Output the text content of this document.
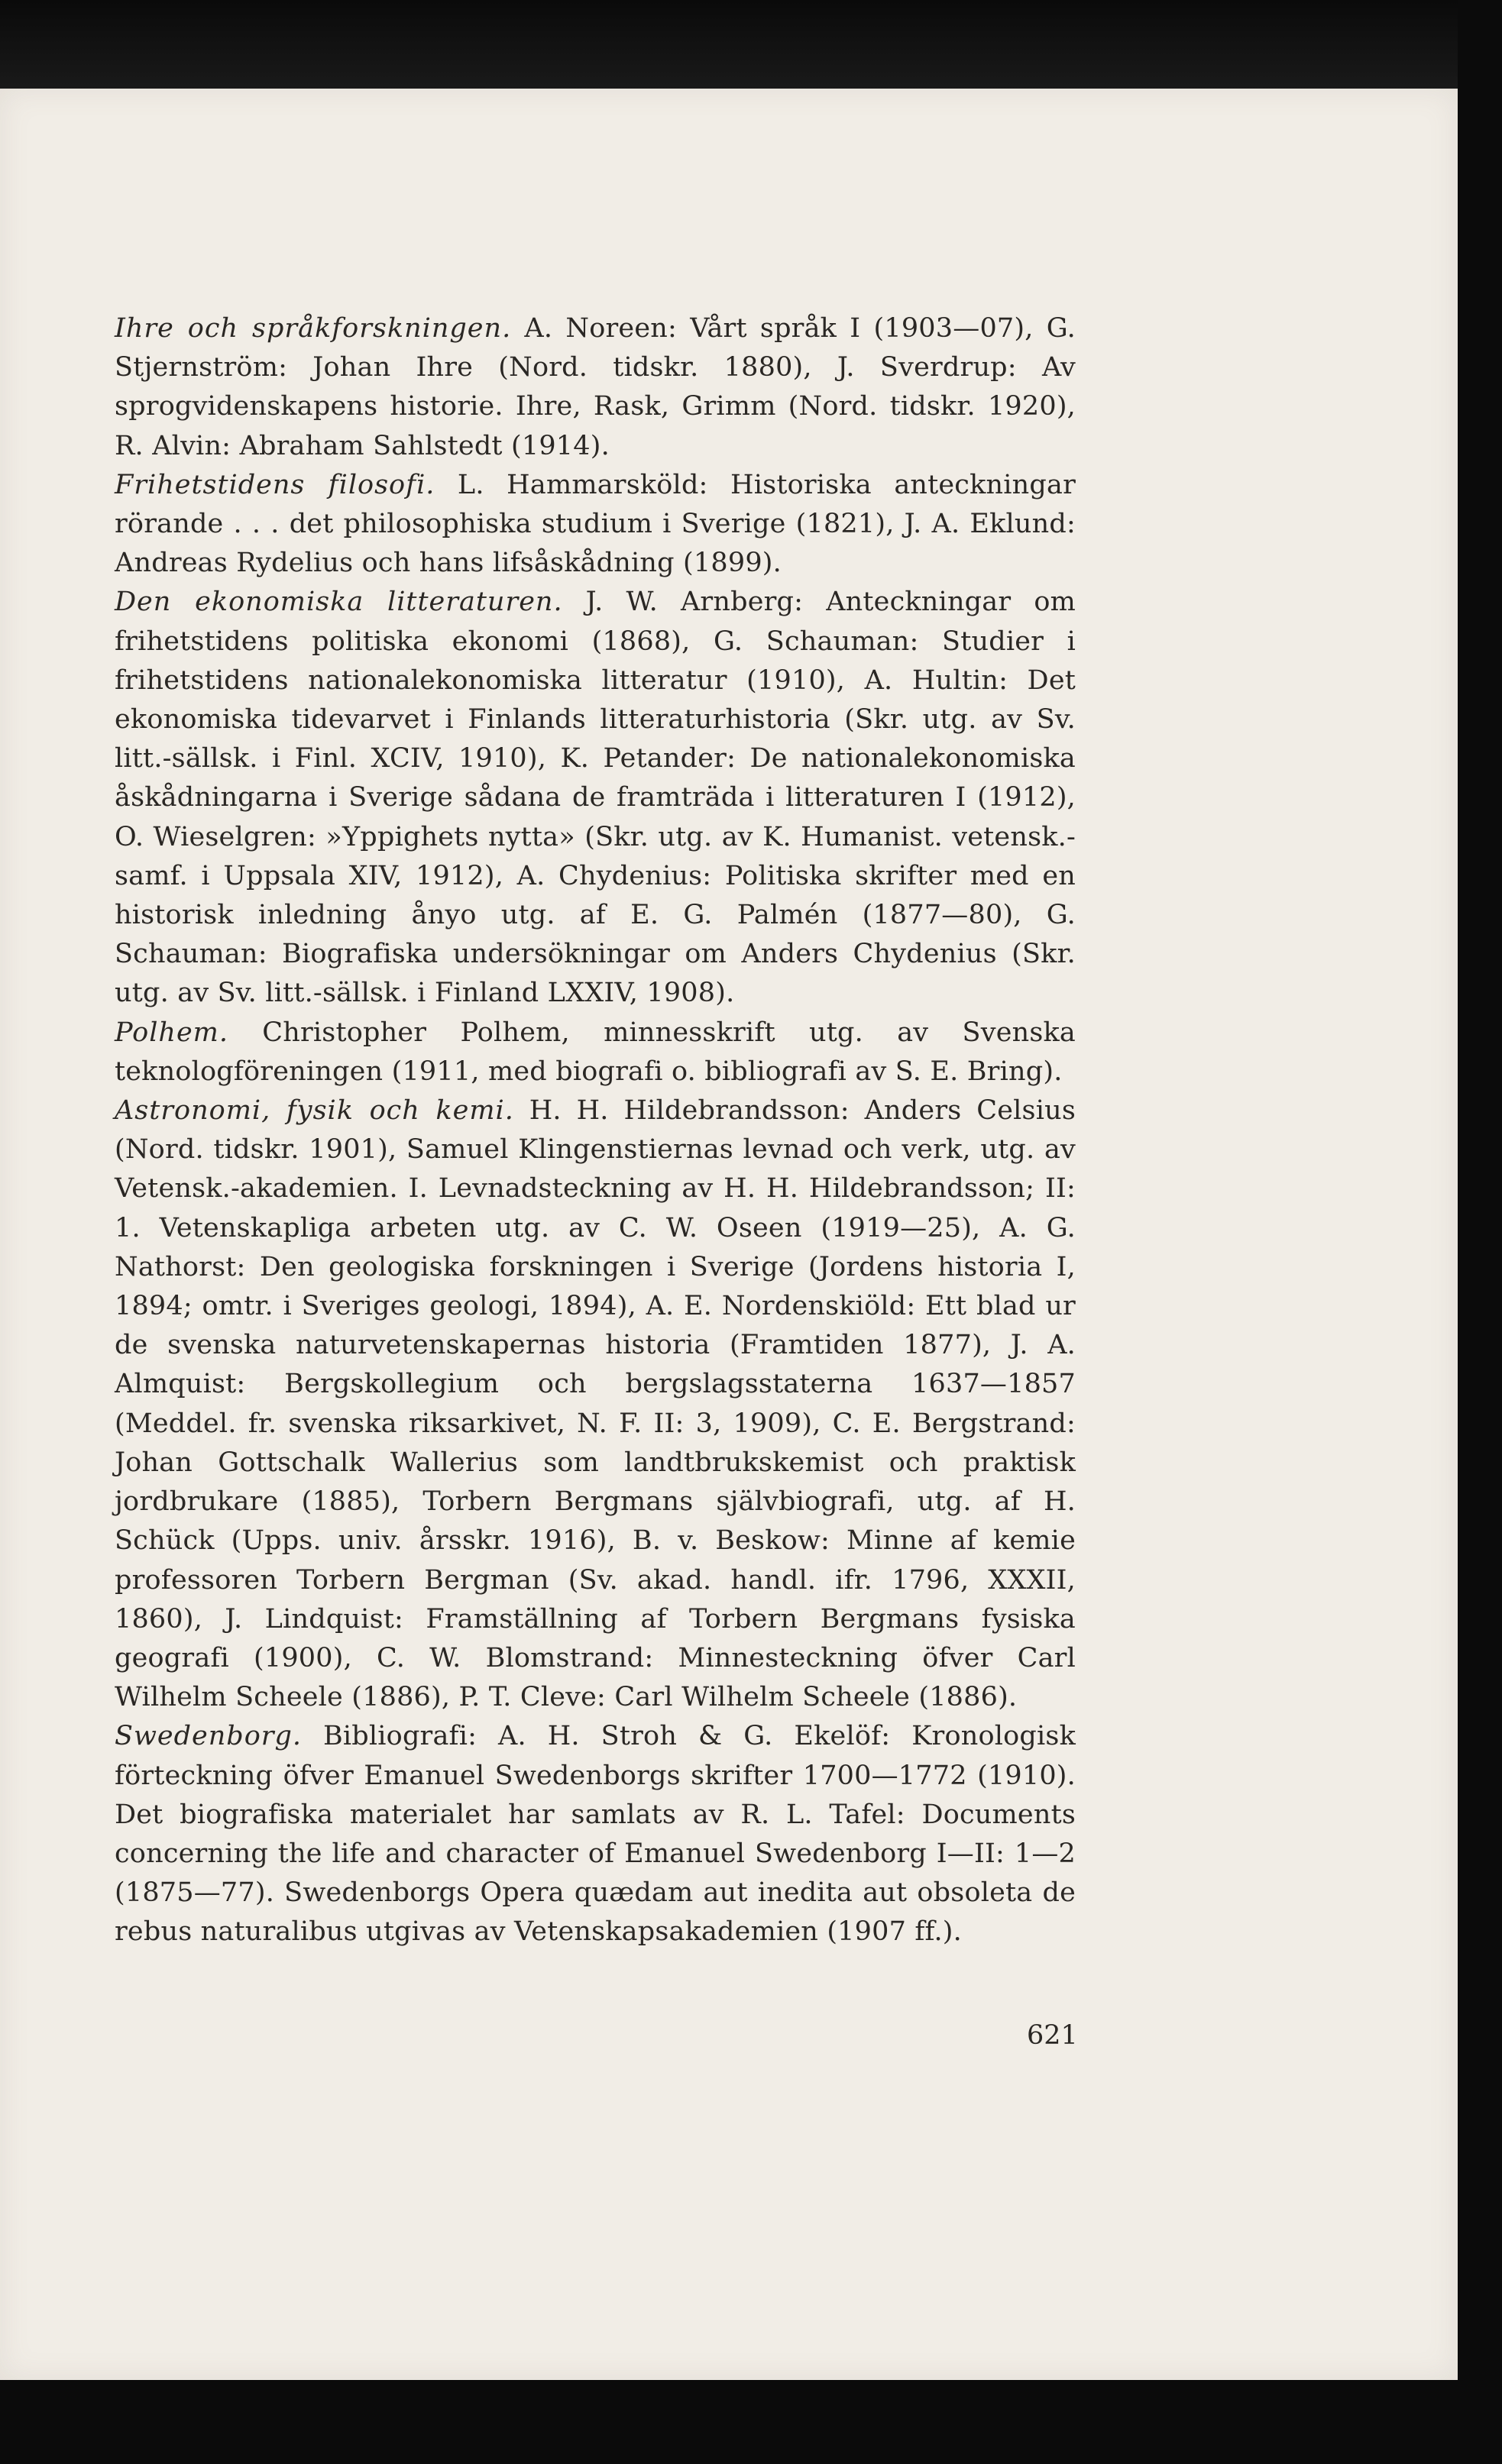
Ihre och språkforskningen. A. Noreen: Vårt språk I (1903—07), G. Stjernström: Johan Ihre (Nord. tidskr. 1880), J. Sverdrup: Av sprogvidenskapens historie. Ihre, Rask, Grimm (Nord. tidskr. 1920), R. Alvin: Abraham Sahlstedt (1914).

Frihetstidens filosofi. L. Hammarsköld: Historiska anteckningar rörande . . . det philosophiska studium i Sverige (1821), J. A. Eklund: Andreas Rydelius och hans lifsåskådning (1899).

Den ekonomiska litteraturen. J. W. Arnberg: Anteckningar om frihetstidens politiska ekonomi (1868), G. Schauman: Studier i frihetstidens nationalekonomiska litteratur (1910), A. Hultin: Det ekonomiska tidevarvet i Finlands litteraturhistoria (Skr. utg. av Sv. litt.-sällsk. i Finl. XCIV, 1910), K. Petander: De nationalekonomiska åskådningarna i Sverige sådana de framträda i litteraturen I (1912), O. Wieselgren: »Yppighets nytta» (Skr. utg. av K. Humanist. vetensk.-samf. i Uppsala XIV, 1912), A. Chydenius: Politiska skrifter med en historisk inledning ånyo utg. af E. G. Palmén (1877—80), G. Schauman: Biografiska undersökningar om Anders Chydenius (Skr. utg. av Sv. litt.-sällsk. i Finland LXXIV, 1908).

Polhem. Christopher Polhem, minnesskrift utg. av Svenska teknologföreningen (1911, med biografi o. bibliografi av S. E. Bring).

Astronomi, fysik och kemi. H. H. Hildebrandsson: Anders Celsius (Nord. tidskr. 1901), Samuel Klingenstiernas levnad och verk, utg. av Vetensk.-akademien. I. Levnadsteckning av H. H. Hildebrandsson; II: 1. Vetenskapliga arbeten utg. av C. W. Oseen (1919—25), A. G. Nathorst: Den geologiska forskningen i Sverige (Jordens historia I, 1894; omtr. i Sveriges geologi, 1894), A. E. Nordenskiöld: Ett blad ur de svenska naturvetenskapernas historia (Framtiden 1877), J. A. Almquist: Bergskollegium och bergslagsstaterna 1637—1857 (Meddel. fr. svenska riksarkivet, N. F. II: 3, 1909), C. E. Bergstrand: Johan Gottschalk Wallerius som landtbrukskemist och praktisk jordbrukare (1885), Torbern Bergmans självbiografi, utg. af H. Schück (Upps. univ. årsskr. 1916), B. v. Beskow: Minne af kemie professoren Torbern Bergman (Sv. akad. handl. ifr. 1796, XXXII, 1860), J. Lindquist: Framställning af Torbern Bergmans fysiska geografi (1900), C. W. Blomstrand: Minnesteckning öfver Carl Wilhelm Scheele (1886), P. T. Cleve: Carl Wilhelm Scheele (1886).

Swedenborg. Bibliografi: A. H. Stroh & G. Ekelöf: Kronologisk förteckning öfver Emanuel Swedenborgs skrifter 1700—1772 (1910). Det biografiska materialet har samlats av R. L. Tafel: Documents concerning the life and character of Emanuel Swedenborg I—II: 1—2 (1875—77). Swedenborgs Opera quædam aut inedita aut obsoleta de rebus naturalibus utgivas av Vetenskapsakademien (1907 ff.).

621
